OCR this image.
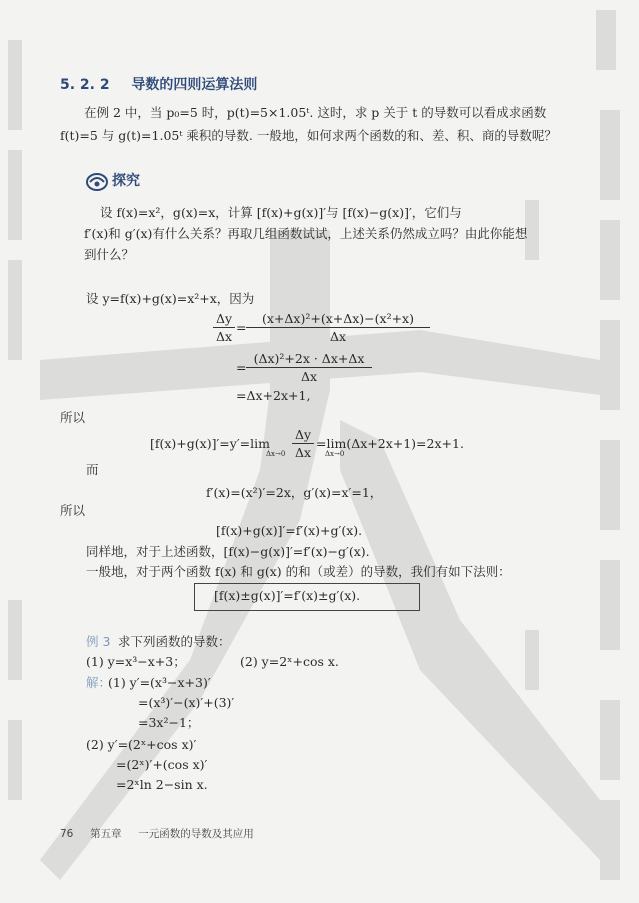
5. 2. 2 导数的四则运算法则
在例 2 中，当 p₀=5 时，p(t)=5×1.05ᵗ. 这时，求 p 关于 t 的导数可以看成求函数
f(t)=5 与 g(t)=1.05ᵗ 乘积的导数. 一般地，如何求两个函数的和、差、积、商的导数呢？
探究
设 f(x)=x²，g(x)=x，计算 [f(x)+g(x)]′与 [f(x)−g(x)]′，它们与
f′(x)和 g′(x)有什么关系？再取几组函数试试，上述关系仍然成立吗？由此你能想
到什么？
设 y=f(x)+g(x)=x²+x，因为
Δy
Δx
=
(x+Δx)²+(x+Δx)−(x²+x)
Δx
=
(Δx)²+2x · Δx+Δx
Δx
=Δx+2x+1,
所以
[f(x)+g(x)]′=y′=lim
Δx→0
Δy
Δx
=lim(Δx+2x+1)=2x+1.
Δx→0
而
f′(x)=(x²)′=2x，g′(x)=x′=1，
所以
[f(x)+g(x)]′=f′(x)+g′(x).
同样地，对于上述函数，[f(x)−g(x)]′=f′(x)−g′(x).
一般地，对于两个函数 f(x) 和 g(x) 的和（或差）的导数，我们有如下法则：
[f(x)±g(x)]′=f′(x)±g′(x).
例 3 求下列函数的导数：
(1) y=x³−x+3；	(2) y=2ˣ+cos x.
解：
(1) y′=(x³−x+3)′
=(x³)′−(x)′+(3)′
=3x²−1；
(2) y′=(2ˣ+cos x)′
=(2ˣ)′+(cos x)′
=2ˣln 2−sin x.
76 第五章 一元函数的导数及其应用
